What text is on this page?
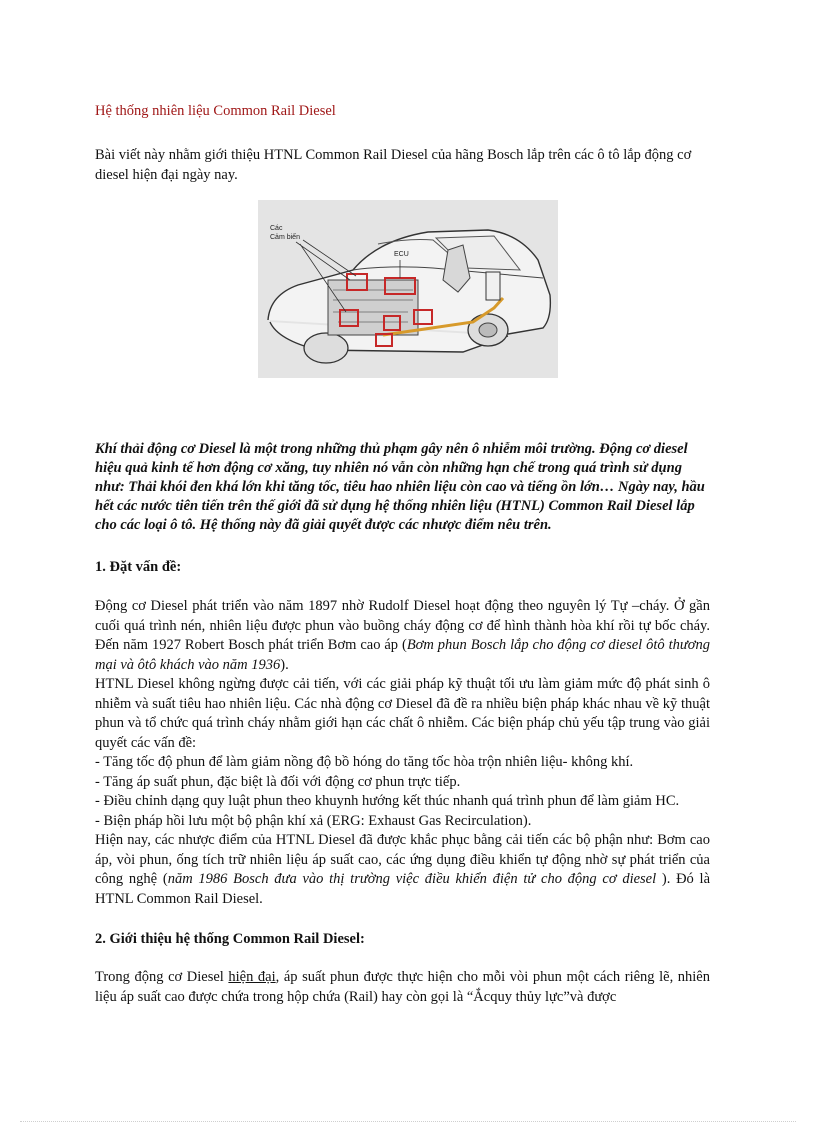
Hệ thống nhiên liệu Common Rail Diesel
Bài viết này nhằm giới thiệu HTNL Common Rail Diesel của hãng Bosch lắp trên các ô tô lắp động cơ diesel hiện đại ngày nay.
Các
Cảm biến
ECU
Khí thải động cơ Diesel là một trong những thủ phạm gây nên ô nhiễm môi trường. Động cơ diesel hiệu quả kinh tế hơn động cơ xăng, tuy nhiên nó vẫn còn những hạn chế trong quá trình sử dụng như: Thải khói đen khá lớn khi tăng tốc, tiêu hao nhiên liệu còn cao và tiếng ồn lớn… Ngày nay, hầu hết các nước tiên tiến trên thế giới đã sử dụng hệ thống nhiên liệu (HTNL) Common Rail Diesel lắp cho các loại ô tô. Hệ thống này đã giải quyết được các nhược điểm nêu trên.
1. Đặt vấn đề:

Động cơ Diesel phát triển vào năm 1897 nhờ Rudolf Diesel hoạt động theo nguyên lý Tự –cháy. Ở gần cuối quá trình nén, nhiên liệu được phun vào buồng cháy động cơ để hình thành hòa khí rồi tự bốc cháy. Đến năm 1927 Robert Bosch phát triển Bơm cao áp (Bơm phun Bosch lắp cho động cơ diesel ôtô thương mại và ôtô khách vào năm 1936).

HTNL Diesel không ngừng được cải tiến, với các giải pháp kỹ thuật tối ưu làm giảm mức độ phát sinh ô nhiễm và suất tiêu hao nhiên liệu. Các nhà động cơ Diesel đã đề ra nhiều biện pháp khác nhau về kỹ thuật phun và tổ chức quá trình cháy nhằm giới hạn các chất ô nhiễm. Các biện pháp chủ yếu tập trung vào giải quyết các vấn đề:

- Tăng tốc độ phun để làm giảm nồng độ bồ hóng do tăng tốc hòa trộn nhiên liệu- không khí.

- Tăng áp suất phun, đặc biệt là đối với động cơ phun trực tiếp.

- Điều chỉnh dạng quy luật phun theo khuynh hướng kết thúc nhanh quá trình phun để làm giảm HC.

- Biện pháp hồi lưu một bộ phận khí xả (ERG: Exhaust Gas Recirculation).

Hiện nay, các nhược điểm của HTNL Diesel đã được khắc phục bằng cải tiến các bộ phận như: Bơm cao áp, vòi phun, ống tích trữ nhiên liệu áp suất cao, các ứng dụng điều khiển tự động nhờ sự phát triển của công nghệ (năm 1986 Bosch đưa vào thị trường việc điều khiển điện tử cho động cơ diesel ). Đó là HTNL Common Rail Diesel.

2. Giới thiệu hệ thống Common Rail Diesel:
Trong động cơ Diesel hiện đại, áp suất phun được thực hiện cho mỗi vòi phun một cách riêng lẽ, nhiên liệu áp suất cao được chứa trong hộp chứa (Rail) hay còn gọi là “Ắcquy thủy lực”và được
